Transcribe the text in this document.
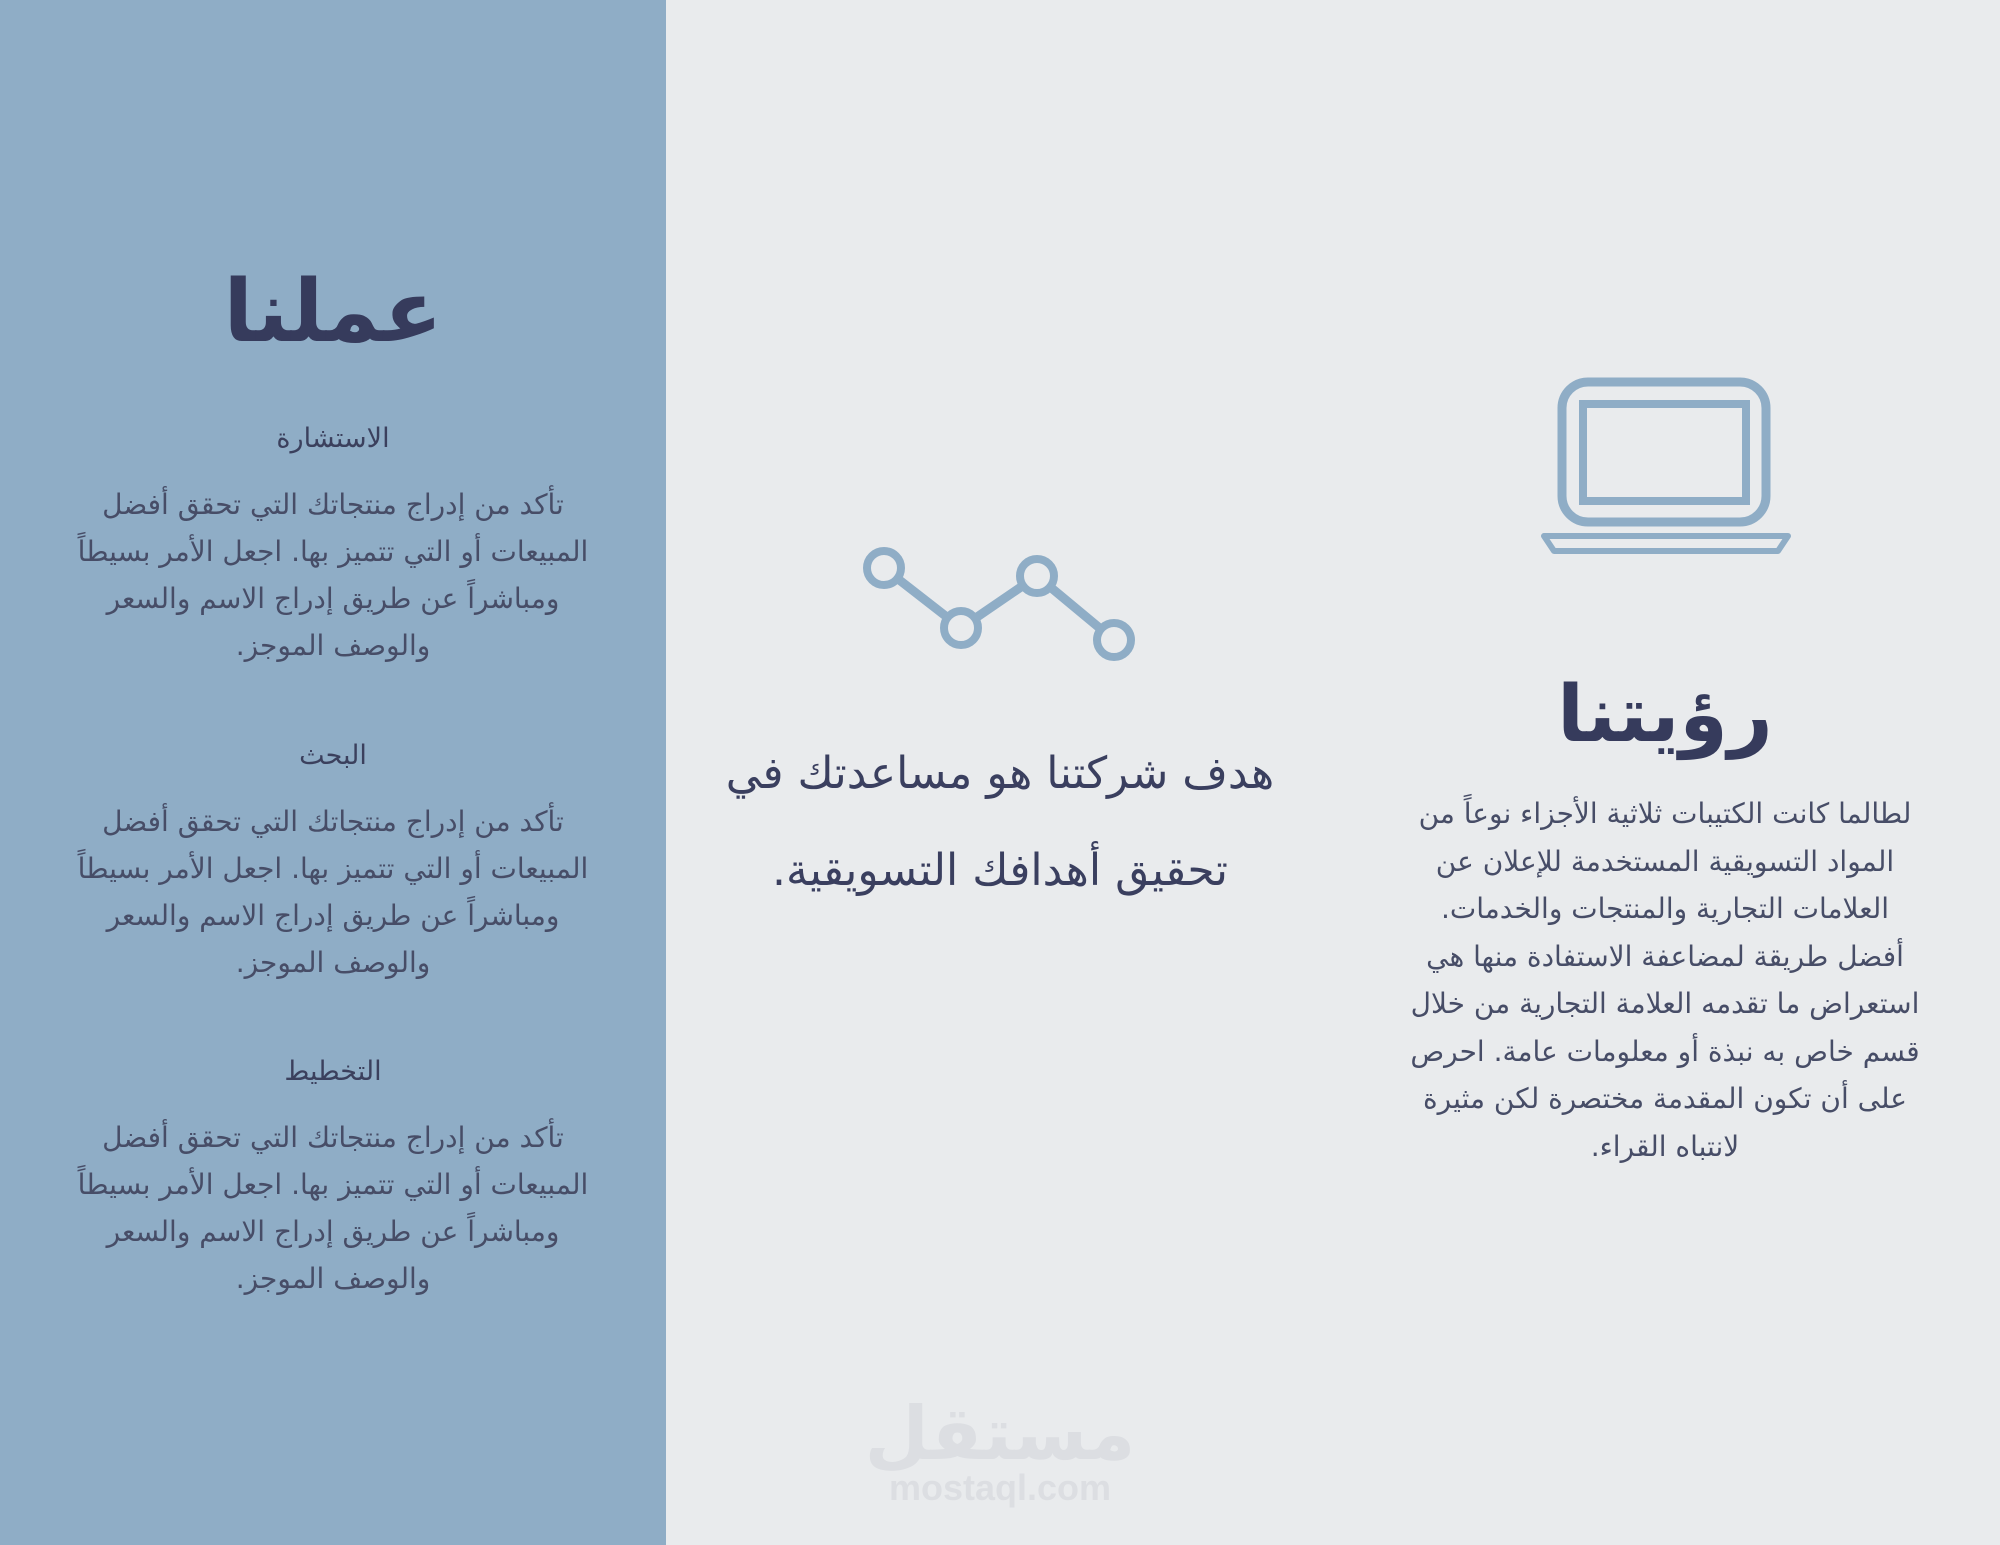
عملنا
الاستشارة

تأكد من إدراج منتجاتك التي تحقق أفضل المبيعات أو التي تتميز بها. اجعل الأمر بسيطاً ومباشراً عن طريق إدراج الاسم والسعر والوصف الموجز.

البحث

تأكد من إدراج منتجاتك التي تحقق أفضل المبيعات أو التي تتميز بها. اجعل الأمر بسيطاً ومباشراً عن طريق إدراج الاسم والسعر والوصف الموجز.

التخطيط

تأكد من إدراج منتجاتك التي تحقق أفضل المبيعات أو التي تتميز بها. اجعل الأمر بسيطاً ومباشراً عن طريق إدراج الاسم والسعر والوصف الموجز.

هدف شركتنا هو مساعدتك في تحقيق أهدافك التسويقية.
رؤيتنا

لطالما كانت الكتيبات ثلاثية الأجزاء نوعاً من المواد التسويقية المستخدمة للإعلان عن العلامات التجارية والمنتجات والخدمات. أفضل طريقة لمضاعفة الاستفادة منها هي استعراض ما تقدمه العلامة التجارية من خلال قسم خاص به نبذة أو معلومات عامة. احرص على أن تكون المقدمة مختصرة لكن مثيرة لانتباه القراء.

مستقل
mostaql.com
